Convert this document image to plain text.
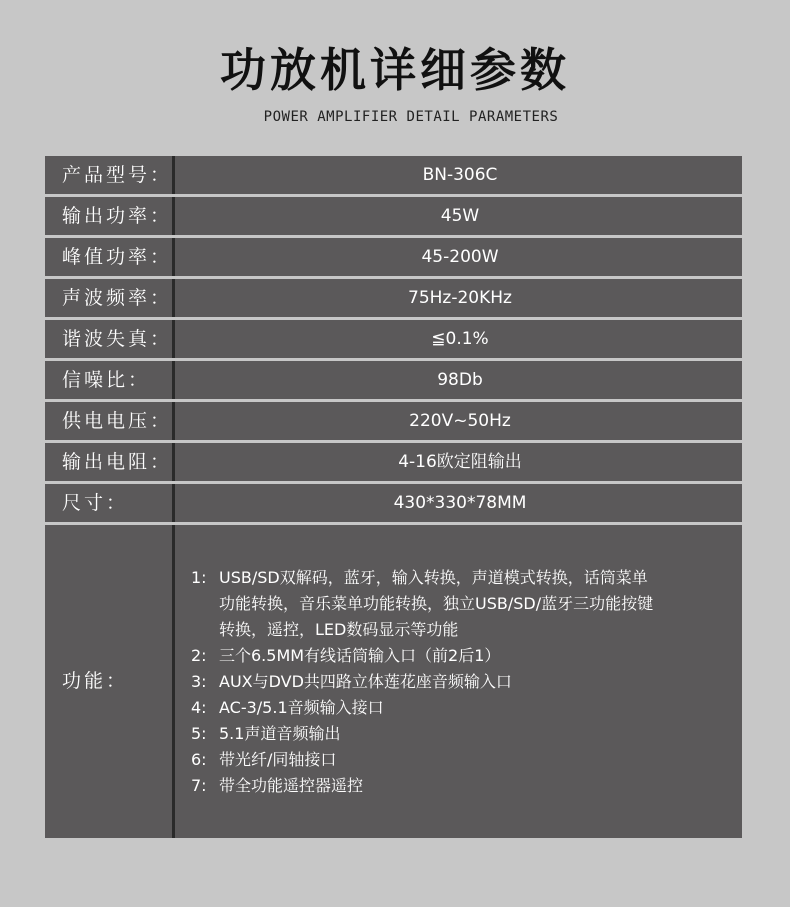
功放机详细参数
POWER AMPLIFIER DETAIL PARAMETERS
产品型号：	BN-306C
输出功率：	45W
峰值功率：	45-200W
声波频率：	75Hz-20KHz
谐波失真：	≦0.1%
信噪比：	98Db
供电电压：	220V~50Hz
输出电阻：	4-16欧定阻输出
尺寸：	430*330*78MM
功能：
1: USB/SD双解码，蓝牙，输入转换，声道模式转换，话筒菜单
功能转换，音乐菜单功能转换，独立USB/SD/蓝牙三功能按键
转换，遥控，LED数码显示等功能
2: 三个6.5MM有线话筒输入口（前2后1）
3: AUX与DVD共四路立体莲花座音频输入口
4: AC-3/5.1音频输入接口
5: 5.1声道音频输出
6: 带光纤/同轴接口
7: 带全功能遥控器遥控
